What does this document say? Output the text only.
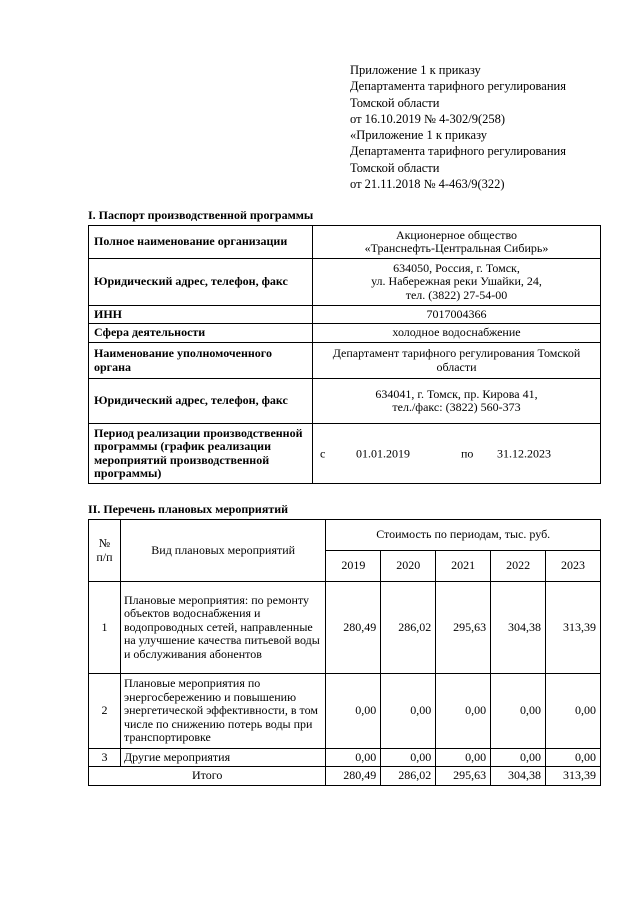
Приложение 1 к приказу
Департамента тарифного регулирования
Томской области
от 16.10.2019 № 4-302/9(258)
«Приложение 1 к приказу
Департамента тарифного регулирования
Томской области
от 21.11.2018 № 4-463/9(322)
I. Паспорт производственной программы
Полное наименование организации	Акционерное общество
«Транснефть-Центральная Сибирь»

Юридический адрес, телефон, факс	634050, Россия, г. Томск,
ул. Набережная реки Ушайки, 24,
тел. (3822) 27-54-00

ИНН	7017004366

Сфера деятельности	холодное водоснабжение

Наименование уполномоченного органа	Департамент тарифного регулирования Томской
области

Юридический адрес, телефон, факс	634041, г. Томск, пр. Кирова 41,
тел./факс: (3822) 560-373

Период реализации производственной программы (график реализации мероприятий производственной программы)	с 01.01.2019 по 31.12.2023
II. Перечень плановых мероприятий
№ п/п	Вид плановых мероприятий	Стоимость по периодам, тыс. руб.				
		2019	2020	2021	2022	2023
1	Плановые мероприятия: по ремонту объектов водоснабжения и водопроводных сетей, направленные на улучшение качества питьевой воды и обслуживания абонентов	280,49	286,02	295,63	304,38	313,39
2	Плановые мероприятия по энергосбережению и повышению энергетической эффективности, в том числе по снижению потерь воды при транспортировке	0,00	0,00	0,00	0,00	0,00
3	Другие мероприятия	0,00	0,00	0,00	0,00	0,00
Итого		280,49	286,02	295,63	304,38	313,39
